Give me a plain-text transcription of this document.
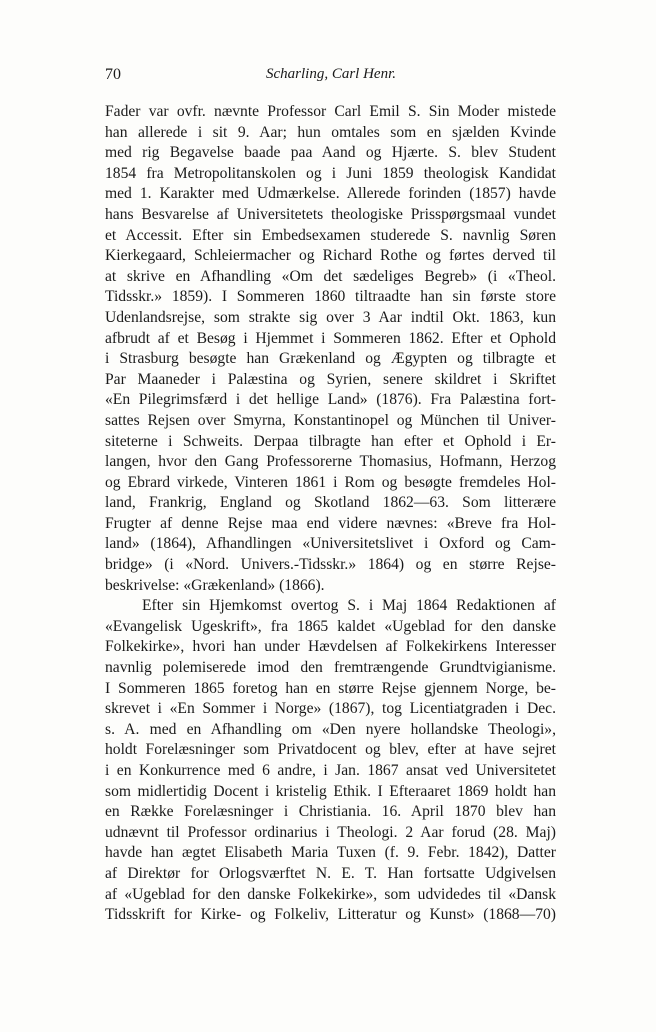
70	Scharling, Carl Henr.
Fader var ovfr. nævnte Professor Carl Emil S. Sin Moder mistede
han allerede i sit 9. Aar; hun omtales som en sjælden Kvinde
med rig Begavelse baade paa Aand og Hjærte. S. blev Student
1854 fra Metropolitanskolen og i Juni 1859 theologisk Kandidat
med 1. Karakter med Udmærkelse. Allerede forinden (1857) havde
hans Besvarelse af Universitetets theologiske Prisspørgsmaal vundet
et Accessit. Efter sin Embedsexamen studerede S. navnlig Søren
Kierkegaard, Schleiermacher og Richard Rothe og førtes derved til
at skrive en Afhandling «Om det sædeliges Begreb» (i «Theol.
Tidsskr.» 1859). I Sommeren 1860 tiltraadte han sin første store
Udenlandsrejse, som strakte sig over 3 Aar indtil Okt. 1863, kun
afbrudt af et Besøg i Hjemmet i Sommeren 1862. Efter et Ophold
i Strasburg besøgte han Grækenland og Ægypten og tilbragte et
Par Maaneder i Palæstina og Syrien, senere skildret i Skriftet
«En Pilegrimsfærd i det hellige Land» (1876). Fra Palæstina fort-
sattes Rejsen over Smyrna, Konstantinopel og München til Univer-
siteterne i Schweits. Derpaa tilbragte han efter et Ophold i Er-
langen, hvor den Gang Professorerne Thomasius, Hofmann, Herzog
og Ebrard virkede, Vinteren 1861 i Rom og besøgte fremdeles Hol-
land, Frankrig, England og Skotland 1862—63. Som litterære
Frugter af denne Rejse maa end videre nævnes: «Breve fra Hol-
land» (1864), Afhandlingen «Universitetslivet i Oxford og Cam-
bridge» (i «Nord. Univers.-Tidsskr.» 1864) og en større Rejse-
beskrivelse: «Grækenland» (1866).
Efter sin Hjemkomst overtog S. i Maj 1864 Redaktionen af
«Evangelisk Ugeskrift», fra 1865 kaldet «Ugeblad for den danske
Folkekirke», hvori han under Hævdelsen af Folkekirkens Interesser
navnlig polemiserede imod den fremtrængende Grundtvigianisme.
I Sommeren 1865 foretog han en større Rejse gjennem Norge, be-
skrevet i «En Sommer i Norge» (1867), tog Licentiatgraden i Dec.
s. A. med en Afhandling om «Den nyere hollandske Theologi»,
holdt Forelæsninger som Privatdocent og blev, efter at have sejret
i en Konkurrence med 6 andre, i Jan. 1867 ansat ved Universitetet
som midlertidig Docent i kristelig Ethik. I Efteraaret 1869 holdt han
en Række Forelæsninger i Christiania. 16. April 1870 blev han
udnævnt til Professor ordinarius i Theologi. 2 Aar forud (28. Maj)
havde han ægtet Elisabeth Maria Tuxen (f. 9. Febr. 1842), Datter
af Direktør for Orlogsværftet N. E. T. Han fortsatte Udgivelsen
af «Ugeblad for den danske Folkekirke», som udvidedes til «Dansk
Tidsskrift for Kirke- og Folkeliv, Litteratur og Kunst» (1868—70)
